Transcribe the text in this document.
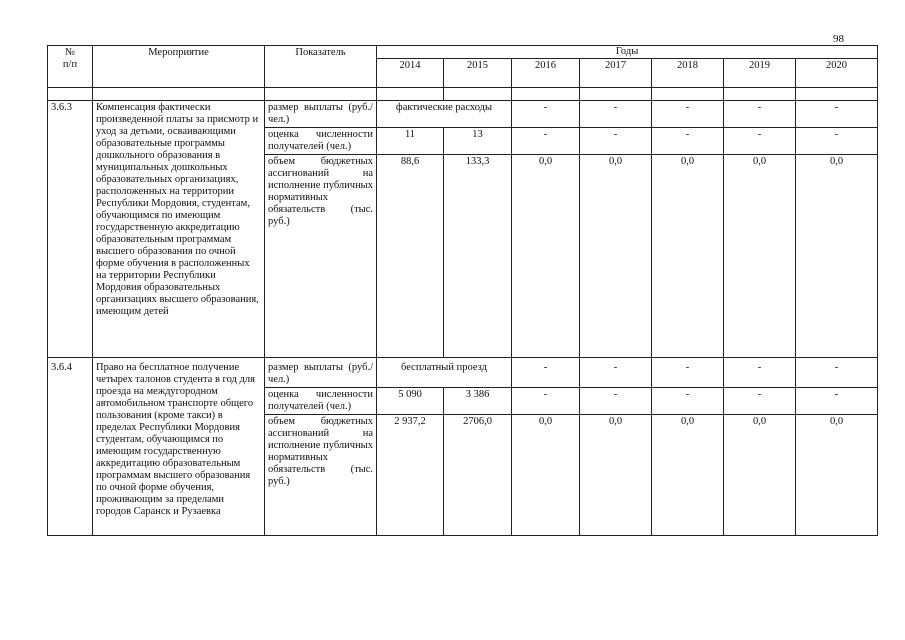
98
№
п/п	Мероприятие	Показатель	Годы						
			2014	2015	2016	2017	2018	2019	2020

3.6.3	Компенсация фактически произведенной платы за присмотр и уход за детьми, осваивающими образовательные программы дошкольного образования в муниципальных дошкольных образовательных организациях, расположенных на территории Республики Мордовия, студентам, обучающимся по имеющим государственную аккредитацию образовательным программам высшего образования по очной форме обучения в расположенных на территории Республики Мордовия образовательных организациях высшего образования, имеющим детей	размер выплаты (руб./ чел.)	фактические расходы		-	-	-	-	-
		оценка численности получателей (чел.)	11	13	-	-	-	-	-
		объем бюджетных ассигнований на исполнение публичных нормативных обязательств (тыс. руб.)	88,6	133,3	0,0	0,0	0,0	0,0	0,0
3.6.4	Право на бесплатное получение четырех талонов студента в год для проезда на междугородном автомобильном транспорте общего пользования (кроме такси) в пределах Республики Мордовия студентам, обучающимся по имеющим государственную аккредитацию образовательным программам высшего образования по очной форме обучения, проживающим за пределами городов Саранск и Рузаевка	размер выплаты (руб./ чел.)	бесплатный проезд		-	-	-	-	-
		оценка численности получателей (чел.)	5 090	3 386	-	-	-	-	-
		объем бюджетных ассигнований на исполнение публичных нормативных обязательств (тыс. руб.)	2 937,2	2706,0	0,0	0,0	0,0	0,0	0,0
